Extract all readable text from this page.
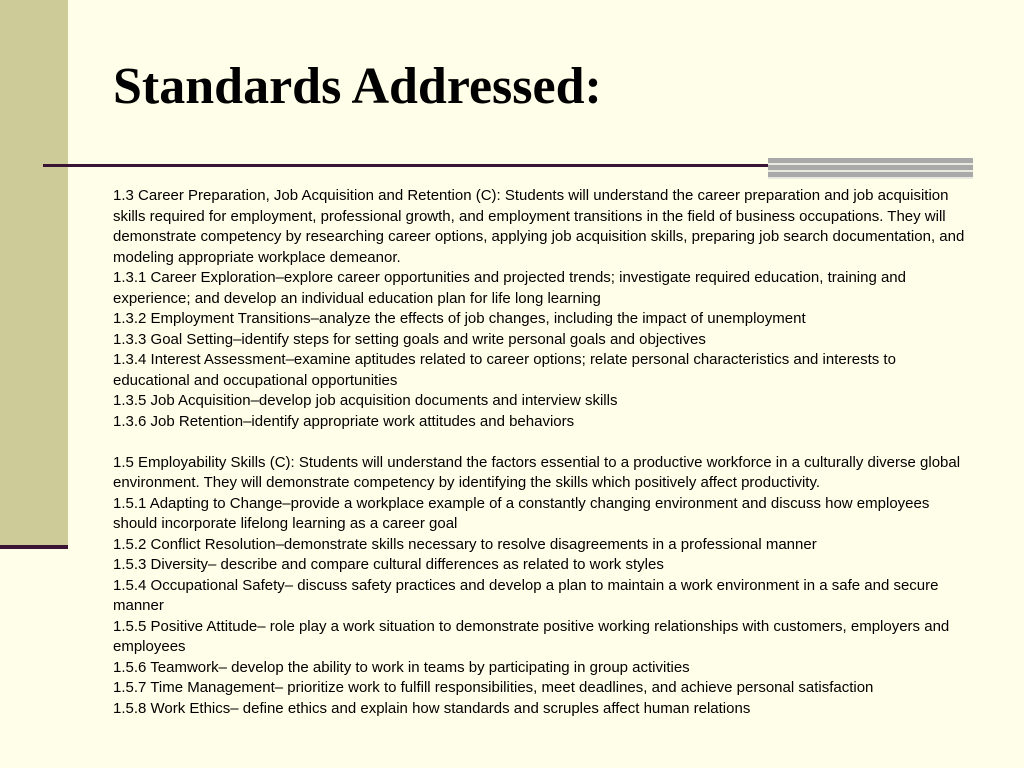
Standards Addressed:

1.3 Career Preparation, Job Acquisition and Retention (C): Students will understand the career preparation and job acquisition skills required for employment, professional growth, and employment transitions in the field of business occupations. They will demonstrate competency by researching career options, applying job acquisition skills, preparing job search documentation, and modeling appropriate workplace demeanor.

1.3.1 Career Exploration–explore career opportunities and projected trends; investigate required education, training and experience; and develop an individual education plan for life long learning

1.3.2 Employment Transitions–analyze the effects of job changes, including the impact of unemployment

1.3.3 Goal Setting–identify steps for setting goals and write personal goals and objectives

1.3.4 Interest Assessment–examine aptitudes related to career options; relate personal characteristics and interests to educational and occupational opportunities

1.3.5 Job Acquisition–develop job acquisition documents and interview skills

1.3.6 Job Retention–identify appropriate work attitudes and behaviors

1.5 Employability Skills (C): Students will understand the factors essential to a productive workforce in a culturally diverse global environment. They will demonstrate competency by identifying the skills which positively affect productivity.

1.5.1 Adapting to Change–provide a workplace example of a constantly changing environment and discuss how employees should incorporate lifelong learning as a career goal

1.5.2 Conflict Resolution–demonstrate skills necessary to resolve disagreements in a professional manner

1.5.3 Diversity– describe and compare cultural differences as related to work styles

1.5.4 Occupational Safety– discuss safety practices and develop a plan to maintain a work environment in a safe and secure manner

1.5.5 Positive Attitude– role play a work situation to demonstrate positive working relationships with customers, employers and employees

1.5.6 Teamwork– develop the ability to work in teams by participating in group activities

1.5.7 Time Management– prioritize work to fulfill responsibilities, meet deadlines, and achieve personal satisfaction

1.5.8 Work Ethics– define ethics and explain how standards and scruples affect human relations
